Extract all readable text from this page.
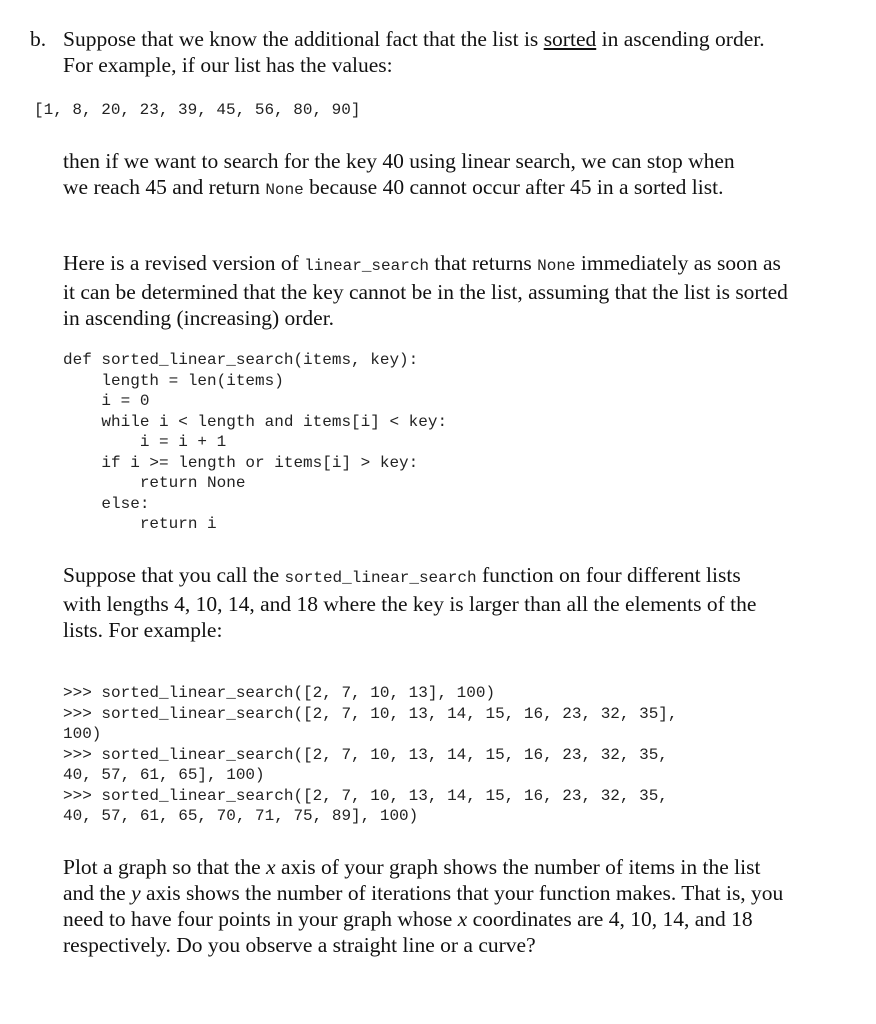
b. Suppose that we know the additional fact that the list is sorted in ascending order. For example, if our list has the values:
[1, 8, 20, 23, 39, 45, 56, 80, 90]
then if we want to search for the key 40 using linear search, we can stop when we reach 45 and return None because 40 cannot occur after 45 in a sorted list.
Here is a revised version of linear_search that returns None immediately as soon as it can be determined that the key cannot be in the list, assuming that the list is sorted in ascending (increasing) order.
def sorted_linear_search(items, key):
length = len(items)
i = 0
while i < length and items[i] < key:
i = i + 1
if i >= length or items[i] > key:
return None
else:
return i
Suppose that you call the sorted_linear_search function on four different lists with lengths 4, 10, 14, and 18 where the key is larger than all the elements of the lists. For example:
>>> sorted_linear_search([2, 7, 10, 13], 100)
>>> sorted_linear_search([2, 7, 10, 13, 14, 15, 16, 23, 32, 35],
100)
>>> sorted_linear_search([2, 7, 10, 13, 14, 15, 16, 23, 32, 35,
40, 57, 61, 65], 100)
>>> sorted_linear_search([2, 7, 10, 13, 14, 15, 16, 23, 32, 35,
40, 57, 61, 65, 70, 71, 75, 89], 100)
Plot a graph so that the x axis of your graph shows the number of items in the list and the y axis shows the number of iterations that your function makes. That is, you need to have four points in your graph whose x coordinates are 4, 10, 14, and 18 respectively. Do you observe a straight line or a curve?
